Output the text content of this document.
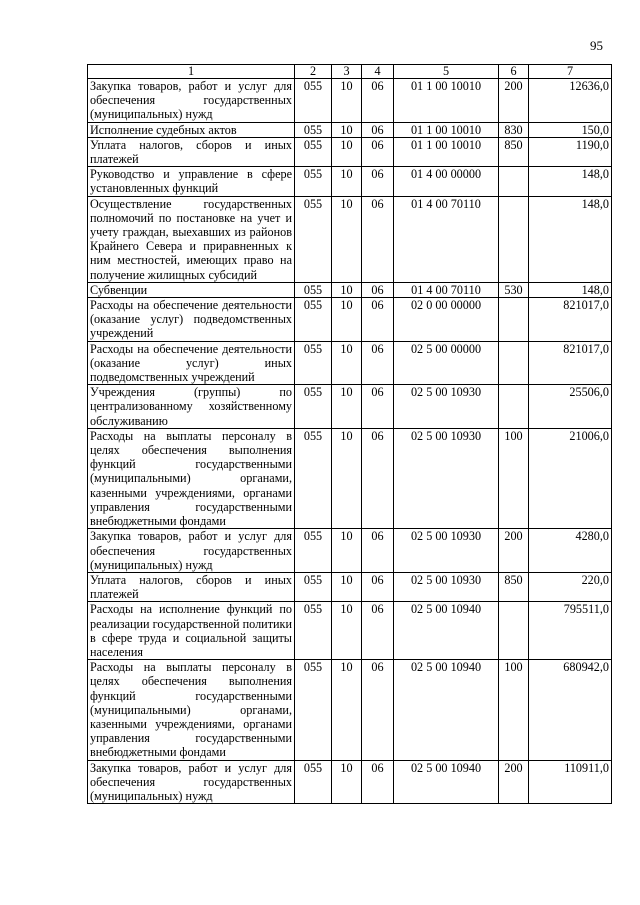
95
1	2	3	4	5	6	7
Закупка товаров, работ и услуг для обеспечения государственных (муниципальных) нужд	055	10	06	01 1 00 10010	200	12636,0
Исполнение судебных актов	055	10	06	01 1 00 10010	830	150,0
Уплата налогов, сборов и иных платежей	055	10	06	01 1 00 10010	850	1190,0
Руководство и управление в сфере установленных функций	055	10	06	01 4 00 00000		148,0
Осуществление государственных полномочий по постановке на учет и учету граждан, выехавших из районов Крайнего Севера и приравненных к ним местностей, имеющих право на получение жилищных субсидий	055	10	06	01 4 00 70110		148,0
Субвенции	055	10	06	01 4 00 70110	530	148,0
Расходы на обеспечение деятельности (оказание услуг) подведомственных учреждений	055	10	06	02 0 00 00000		821017,0
Расходы на обеспечение деятельности (оказание услуг) иных подведомственных учреждений	055	10	06	02 5 00 00000		821017,0
Учреждения (группы) по централизованному хозяйственному обслуживанию	055	10	06	02 5 00 10930		25506,0
Расходы на выплаты персоналу в целях обеспечения выполнения функций государственными (муниципальными) органами, казенными учреждениями, органами управления государственными внебюджетными фондами	055	10	06	02 5 00 10930	100	21006,0
Закупка товаров, работ и услуг для обеспечения государственных (муниципальных) нужд	055	10	06	02 5 00 10930	200	4280,0
Уплата налогов, сборов и иных платежей	055	10	06	02 5 00 10930	850	220,0
Расходы на исполнение функций по реализации государственной политики в сфере труда и социальной защиты населения	055	10	06	02 5 00 10940		795511,0
Расходы на выплаты персоналу в целях обеспечения выполнения функций государственными (муниципальными) органами, казенными учреждениями, органами управления государственными внебюджетными фондами	055	10	06	02 5 00 10940	100	680942,0
Закупка товаров, работ и услуг для обеспечения государственных (муниципальных) нужд	055	10	06	02 5 00 10940	200	110911,0
